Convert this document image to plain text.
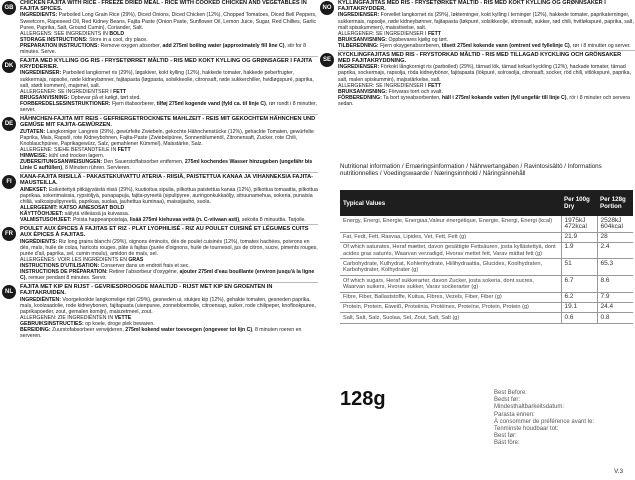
GB

CHICKEN FAJITA WITH RICE - FREEZE DRIED MEAL - RICE WITH COOKED CHICKEN AND VEGETABLES IN FAJITA SPICES.

INGREDIENTS: Parboiled Long Grain Rice (29%), Diced Onions, Diced Chicken (12%), Chopped Tomatoes, Diced Bell Peppers, Sweetcorn, Rapeseed Oil, Red Kidney Beans, Fajita Paste (Onion Paste, Sunflower Oil, Lemon Juice, Sugar, Red Chillies, Garlic Puree, Paprika, Salt, Ground Cumin), Coriander, Salt.

ALLERGENS: SEE INGREDIENTS IN BOLD

STORAGE INSTRUCTIONS: Store in a cool, dry place.

PREPARATION INSTRUCTIONS: Remove oxygen absorber, add 275ml boiling water (approximately fill line C), stir for 8 minutes. Serve.

DK

FAJITA MED KYLLING OG RIS - FRYSETØRRET MÅLTID - RIS MED KOKT KYLLING OG GRØNSAGER I FAJITA KRYDDERIER.

INGREDIENSER: Parboiled langkornet ris (29%), løgskiver, kokt kylling (12%), hakkede tomater, hakkede peberfrugter, sukkermajs, rapsolie, røde kidneybønner, fajitapasta (løgpasta, solsikkeolie, citronsaft, røde sukkerchiller, hvidløgspuré, paprika, salt, stødt kommen), majsmel, salt.

ALLERGENER: SE INGREDIENTSER I FETT

BRUGSANVISNING: Opbevar på et køligt, tørt sted.

FORBEREDELSESINSTRUKTIONER: Fjern iltabsorberer, tilføj 275ml kogende vand (fyld ca. til linje C), rør rundt i 8 minutter, server.

DE

HÄHNCHEN-FAJITA MIT REIS - GEFRIERGETROCKNETE MAHLZEIT - REIS MIT GEKOCHTEM HÄHNCHEN UND GEMÜSE MIT FAJITA-GEWÜRZEN.

ZUTATEN: Langkorniger Langreis (29%), gewürfelte Zwiebeln, gekochte Hähnchenstücke (12%), gehackte Tomaten, gewürfelte Paprika, Mais, Rapsöl, rote Kidneybohnen, Fajita-Paste (Zwiebelpüree, Sonnenblumenöl, Zitronensaft, Zucker, rote Chili, Knoblauchpüree, Paprikagewürz, Salz, gemahlener Kümmel), Maisstärke, Salz.

ALLERGENE: SIEHE BESTANDTEILE IN FETT

HINWEISE: kühl und trocken lagern.

ZUBEREITUNGSANWEISUNGEN: Den Sauerstoffabsorber entfernen, 275ml kochendes Wasser hinzugeben (ungefähr bis Linie C auffüllen), 8 Minuten rühren. Servieren.

FI

KANA-FAJITA RIISILLÄ - PAKASTEKUIVATTU ATERIA - RIISIÄ, PAISTETTUA KANAA JA VIHANNEKSIA FAJITA-MAUSTEILLA.

AINEKSET: Esikeitettyä pitkäjyväistä riisiä (29%), kuutioitua sipulia, pilkottua paistettua kanaa (12%), pilkottua tomaattia, pilkottua paprikaa, sokerimaissia, rypsiöljyä, punapapuja, fajita-pyreetä (sipulipyree, auringonkukkaöljy, sitruunamehua, sokeria, punaisia chiliä, valkosipulipyreetä, paprikaa, suolaa, jauhettua kuminaa), maissijauho, suola.

ALLERGEENIT: KATSO AINESOSAT BOLD

KÄYTTÖOHJEET: säilytä viileässä ja kuivassa.

VALMISTUSOHJEET: Poista happeanpoistaja, lisää 275ml kiehuvaa vettä (n. C-viivaan asti), sekoita 8 minuuttia. Tarjoile.

FR

POULET AUX ÉPICES À FAJITAS ET RIZ - PLAT LYOPHILISÉ - RIZ AU POULET CUISINÉ ET LÉGUMES CUITS AUX ÉPICES À FAJITAS.

INGRÉDIENTS: Riz long grains blanchi (29%), oignons émincés, dés de poulet cuisinés (12%), tomates hachées, poivrons en dés, maïs, huile de colza, haricots rouges, pâte à fajitas (purée d'oignons, huile de tournesol, jus de citron, sucre, piments rouges, purée d'ail, paprika, sel, cumin moulu), amidon de maïs, sel.

ALLERGÈNES: VOIR LES INGRÉDIENTS EN GRAS

INSTRUCTIONS D'UTILISATION: Conserver dans un endroit frais et sec.

INSTRUCTIONS DE PRÉPARATION: Retirer l'absorbeur d'oxygène, ajouter 275ml d'eau bouillante (environ jusqu'à la ligne C), remuer pendant 8 minutes. Servir.

NL

FAJITA MET KIP EN RIJST - GEVRIESDROOGDE MAALTIJD - RIJST MET KIP EN GROENTEN IN FAJITAKRUIDEN.

INGREDIËNTEN: Voorgekookte langkorrelige rijst (29%), gesneden ui, stukjes kip (12%), gehakte tomaten, gesneden paprika, maïs, koolzaadolie, rode kidneybonen, fajitapasta (uienpuree, zonnebloemolie, citroensap, suiker, rode chilipeper, knoflookpuree, paprikapoeder, zout, gemalen komijn), maiszetmeel, zout.

ALLERGENEN: ZIE INGREDIËNTEN IN VETTE

GEBRUIKSINSTRUCTIES: op koele, droge plek bewaren.

BEREIDING: Zuurstofabsorbeer verwijderen, 275ml kokend water toevoegen (ongeveer tot lijn C), 8 minuten roeren en serveren.

NO

KYLLINGFAJITAS MED RIS - FRYSETØRKET MÅLTID - RIS MED KOKT KYLLING OG GRØNNSAKER I FAJITAKRYDDER.

INGREDIENSER: Forvellet langkornet ris (29%), løkterninger, kokt kylling i terninger (12%), hakkede tomater, paprikaterninger, sukkermais, rapsolje, røde kidneybønner, fajitapasta (løkpuré, solsikkeolje, sitronsaft, sukker, rød chili, hvitløkspuré, paprika, salt, malt spisskummen), maisstivelse, salt.

ALLERGENER: SE INGREDIENSER I FETT

BRUKSANVISNING: Oppbevares kjølig og tørt.

TILBEREDNING: Fjern oksygenabsorberen, tilsett 275ml kokende vann (omtrent ved fyllelinje C), rør i 8 minutter og server.

SE

KYCKLINGFAJITAS MED RIS - FRYSTORKAD MÅLTID - RIS MED TILLAGAD KYCKLING OCH GRÖNSAKER MED FAJITAKRYDDNING.

INGREDIENSER: Förkokt långkornigt ris (parboiled) (29%), tärnad lök, tärnad kokad kyckling (12%), hackade tomater, tärnad paprika, sockermajs, rapsolja, röda kidneybönor, fajitapasta (lökpuré, solrosolja, citronsaft, socker, röd chili, vitlökspuré, paprika, salt, malen spiskummin), majsstärkelse, salt.

ALLERGENER: SE INGREDIENSER I FETT

BRUKSANVISNING: Förvaras torrt och svalt.

FÖRBEREDNING: Ta bort syreabsorbenten, häll i 275ml kokande vatten (fyll ungefär till linje C), rör i 8 minuter och servera sedan.

Nutritional information / Ernæringsinformation / Nährwertangaben / Ravintosisältö / Informations nutritionnelles / Voedingswaarde / Næringsinnhold / Näringsinnehåll
Typical Values	Per 100g Dry	Per 128g Portion
Energy, Energi, Energie, Energiaa,Valeur énergétique, Energie, Energi, Energi (kcal)	1975kJ 472kcal	2528kJ 604kcal
Fat, Fedt, Fett, Rasvaa, Lipides, Vet, Fett, Fett (g)	21.9	28
Of which saturates, Heraf mættet, davon gesättigte Fettsäuren, josta kyllästettyä, dont acides gras saturés, Waarvan verzadigd, Hvorav mettet fett, Varav mättat fett (g)	1.9	2.4
Carbohydrate, Kulhydrat, Kohlenhydrate, Hiilihydraattia, Glucides, Koolhydraten, Karbohydrater, Kolhydrater (g)	51	65.3
Of which sugars, Heraf sukkerarter, davon Zucker, josta sokeria, dont sucres, Waarvan suikers, Hvorav sukker, Varav sockerarter (g)	6.7	8.6
Fibre, Fiber, Ballaststoffe, Kuitua, Fibres, Vezels, Fiber, Fiber (g)	6.2	7.9
Protein, Protein, Eiweiß, Proteiinia, Protéines, Proteïne, Protein, Protein (g)	19.1	24.4
Salt, Salt, Salz, Suolaa, Sel, Zout, Salt, Salt (g)	0.6	0.8
128g	Best Before:
Bedst før:
Mindesthaltbarkeitsdatum:
Parasta ennen:
À consommer de préférence avant le:
Tenminste houdbaar tot:
Best før:
Bäst före:
V.3
